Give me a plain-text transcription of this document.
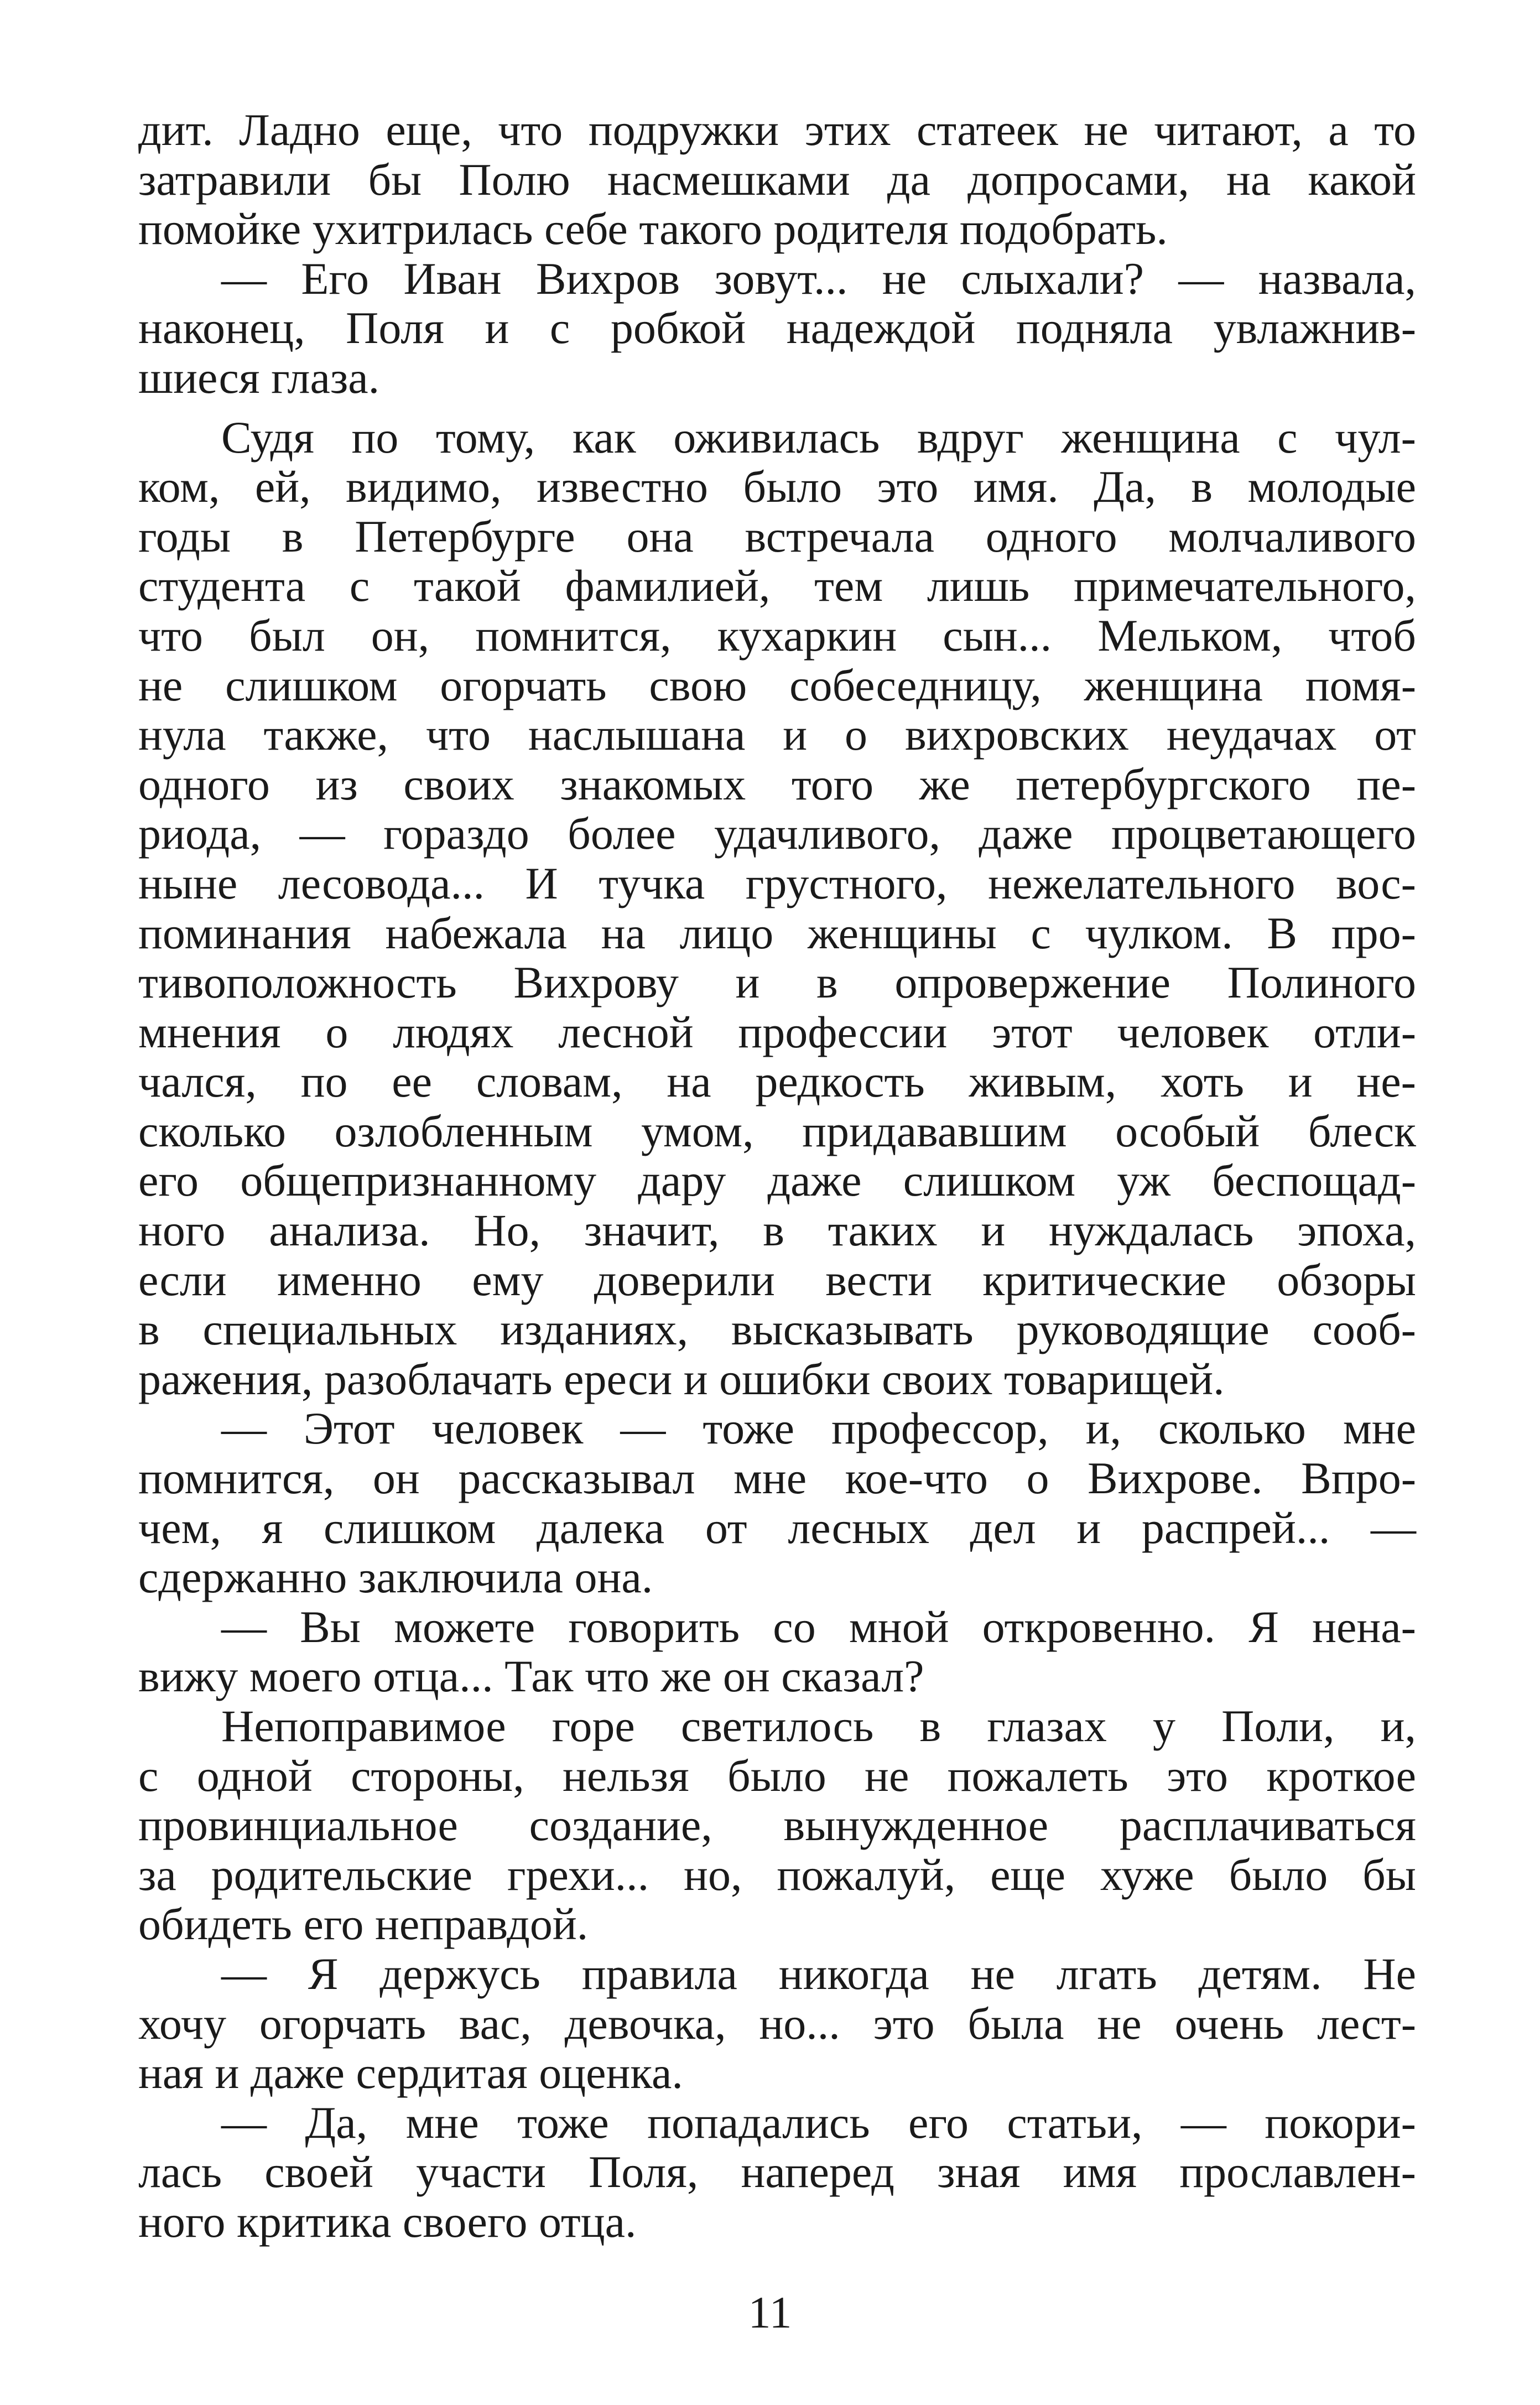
дит. Ладно еще, что подружки этих статеек не читают, а то
затравили бы Полю насмешками да допросами, на какой
помойке ухитрилась себе такого родителя подобрать.
— Его Иван Вихров зовут... не слыхали? — назвала,
наконец, Поля и с робкой надеждой подняла увлажнив-
шиеся глаза.
Судя по тому, как оживилась вдруг женщина с чул-
ком, ей, видимо, известно было это имя. Да, в молодые
годы в Петербурге она встречала одного молчаливого
студента с такой фамилией, тем лишь примечательного,
что был он, помнится, кухаркин сын... Мельком, чтоб
не слишком огорчать свою собеседницу, женщина помя-
нула также, что наслышана и о вихровских неудачах от
одного из своих знакомых того же петербургского пе-
риода, — гораздо более удачливого, даже процветающего
ныне лесовода... И тучка грустного, нежелательного вос-
поминания набежала на лицо женщины с чулком. В про-
тивоположность Вихрову и в опровержение Полиного
мнения о людях лесной профессии этот человек отли-
чался, по ее словам, на редкость живым, хоть и не-
сколько озлобленным умом, придававшим особый блеск
его общепризнанному дару даже слишком уж беспощад-
ного анализа. Но, значит, в таких и нуждалась эпоха,
если именно ему доверили вести критические обзоры
в специальных изданиях, высказывать руководящие сооб-
ражения, разоблачать ереси и ошибки своих товарищей.
— Этот человек — тоже профессор, и, сколько мне
помнится, он рассказывал мне кое-что о Вихрове. Впро-
чем, я слишком далека от лесных дел и распрей... —
сдержанно заключила она.
— Вы можете говорить со мной откровенно. Я нена-
вижу моего отца... Так что же он сказал?
Непоправимое горе светилось в глазах у Поли, и,
с одной стороны, нельзя было не пожалеть это кроткое
провинциальное создание, вынужденное расплачиваться
за родительские грехи... но, пожалуй, еще хуже было бы
обидеть его неправдой.
— Я держусь правила никогда не лгать детям. Не
хочу огорчать вас, девочка, но... это была не очень лест-
ная и даже сердитая оценка.
— Да, мне тоже попадались его статьи, — покори-
лась своей участи Поля, наперед зная имя прославлен-
ного критика своего отца.
11
